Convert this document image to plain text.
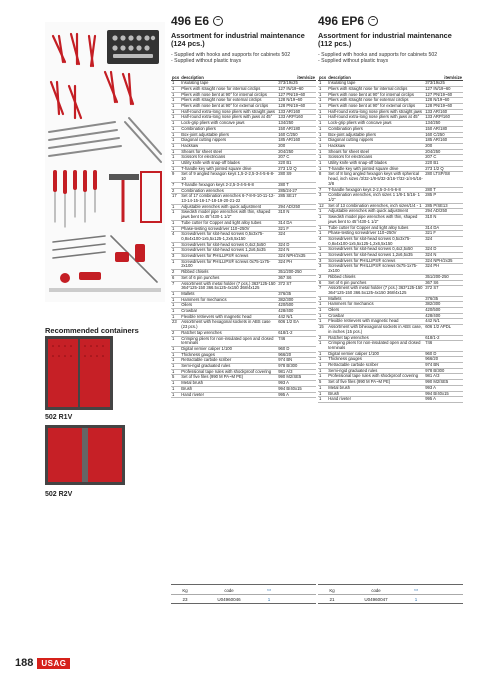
Recommended containers
502 R1V
502 R2V
496 E6 −
Assortment for industrial maintenance
(124 pcs.)
- Supplied with hooks and supports for cabinets 502
- Supplied without plastic trays
pcs	description	item/size
1	Insulating tape	373/19x25
1	Pliers with straight nose for internal circlips	127 IN/19~60
1	Pliers with nose bent at 90° for internal circlips	127 PN/19~60
1	Pliers with straight nose for external circlips	128 N/19~60
1	Pliers with nose bent at 90° for external circlips	128 PN/19~60
1	Half-round extra-long nose pliers with straight jaws	133 AR/160
1	Half-round extra-long nose pliers with jaws at 45°	133 ARP/160
1	Lock-grip pliers with concave jaws	134/250
1	Combination pliers	150 AR/180
1	Box-joint adjustable pliers	160 C/250
1	Diagonal cutting nippers	185 AR/160
1	Hacksaw	200
1	Shears for sheet steel	204/250
1	Scissors for electricians	207 C
1	Utility knife with snap-off blades	220 B1
1	T-handle key with jointed square drive	273 1/2 Q
9	Set of 9 angled hexagon keys 1,5-2-2,5-3-4-5-6-8-10	280 S9
7	T-handle hexagon keys 2-2,5-3-4-5-6-8	280 T
2	Combination wrenches	285/24-27
17	Set of 17 combination wrenches 6-7-8-9-10-11-12-13-14-15-16-17-18-19-20-21-22	285 SE17
1	Adjustable wrenches with quick adjustment	294 AD/250
1	Swedish model pipe wrenches with thin, shaped jaws bent to 45°/430-1 1/2"	310 N
1	Tube cutter for Copper and light alloy tubes	314 DA
1	Phase-testing screwdriver 110~250V	321 F
4	Screwdrivers for slot-head screws 0,5x3x75-0,8x4x100-1x5,5x125-1,2x6,5x150	324
1	Screwdrivers for slot-head screws 0,4x2,5x50	324 D
1	Screwdrivers for slot-head screws 1,2x6,5x35	324 N
3	Screwdrivers for PHILLIPS® screws	324 NPH/2x35
1	Screwdrivers for PHILLIPS® screws 0x75-1x75-2x100	324 PH
2	Ribbed chisels	351/200-250
6	Set of 6 pin punches	367 S6
7	Assortment with metal holder (7 pcs.) 363*125-150 364*125-150 366.5x125-4x150 368/4x125	372 S7
1	Mallets	376/35
1	Hammers for mechanics	382/300
1	Oilers	420/500
1	Crowbar	428/400
1	Flexible retrievers with magnetic head	442 N/1
23	Assortment with hexagonal sockets in ABS case (23 pcs.)	606 1/2 EA
2	Ratchet tap wrenches	618/1-2
1	Crimping pliers for non-insulated open and closed terminals	746
1	Digital vernier caliper 1/100	960 D
1	Thickness gauges	966/20
1	Retractable carbide scriber	974 BN
1	Semi-rigid graduated rules	978 B/300
1	Professional tape rules with shockproof covering	981 A/3
5	Set of five files (990 M PA~M PE)	990 M2/SE5
1	Metal brush	993 A
1	Brush	994 B/40x15
1	Hand riveter	995 A
496 EP6 −
Assortment for industrial maintenance
(112 pcs.)
- Supplied with hooks and supports for cabinets 502
- Supplied without plastic trays
pcs	description	item/size
1	Insulating tape	373/19x25
1	Pliers with straight nose for internal circlips	127 IN/19~60
1	Pliers with nose bent at 90° for internal circlips	127 PN/19~60
1	Pliers with straight nose for external circlips	128 N/19~60
1	Pliers with nose bent at 90° for external circlips	128 PN/19~60
1	Half-round extra-long nose pliers with straight jaws	133 AR/160
1	Half-round extra-long nose pliers with jaws at 45°	133 ARP/160
1	Lock-grip pliers with concave jaws	134/250
1	Combination pliers	150 AR/180
1	Box-joint adjustable pliers	160 C/250
1	Diagonal cutting nippers	185 AR/160
1	Hacksaw	200
1	Shears for sheet steel	204/250
1	Scissors for electricians	207 C
1	Utility knife with snap-off blades	220 B1
1	T-handle key with jointed square drive	273 1/2 Q
8	Set of 8 long angled hexagon keys with spherical head, inch sizes /3/32-1/8-5/32-3/16-7/32-1/4-5/16-3/8	280 LTSP/S8
7	T-handle hexagon keys 2-2,5-3-4-5-6-8	280 T
3	Combination wrenches, inch sizes 1 1/8-1 5/16- 1 1/2"	285 P
12	Set of 13 combination wrenches, inch sizes/1/4 - 1	285 P/SE13
1	Adjustable wrenches with quick adjustment	294 AD/250
1	Swedish model pipe wrenches with thin, shaped jaws bent to 45°/430-1 1/2"	310 N
1	Tube cutter for Copper and light alloy tubes	314 DA
1	Phase-testing screwdriver 110~250V	321 F
4	Screwdrivers for slot-head screws 0,5x3x75-0,8x4x100-1x5,5x125-1,2x6,5x150	324
1	Screwdrivers for slot-head screws 0,4x2,5x50	324 D
1	Screwdrivers for slot-head screws 1,2x6,5x35	324 N
3	Screwdrivers for PHILLIPS® screws	324 NPH/2x35
3	Screwdrivers for PHILLIPS® screws 0x75-1x75-2x100	324 PH
2	Ribbed chisels	351/200-250
6	Set of 6 pin punches	367 S6
7	Assortment with metal holder (7 pcs.) 363*125-150 364*125-150 366.5x125-4x150 368/4x125	372 S7
1	Mallets	376/35
1	Hammers for mechanics	382/300
1	Oilers	420/500
1	Crowbar	428/400
1	Flexible retrievers with magnetic head	442 N/1
15	Assortment with bihexagonal sockets in ABS case, in inches (15 pcs.)	606 1/2 APDL
2	Ratchet tap wrenches	618/1-2
1	Crimping pliers for non-insulated open and closed terminals	746
1	Digital vernier caliper 1/100	960 D
1	Thickness gauges	966/20
1	Retractable carbide scriber	974 BN
1	Semi-rigid graduated rules	978 B/300
1	Professional tape rules with shockproof covering	981 A/3
5	Set of five files (990 M PA~M PE)	990 M2/SE5
1	Metal brush	993 A
1	Brush	994 B/40x15
1	Hand riveter	995 A
Kg	code	▭
23	U04960046	1
Kg	code	▭
21	U04960047	1
188	USAG
